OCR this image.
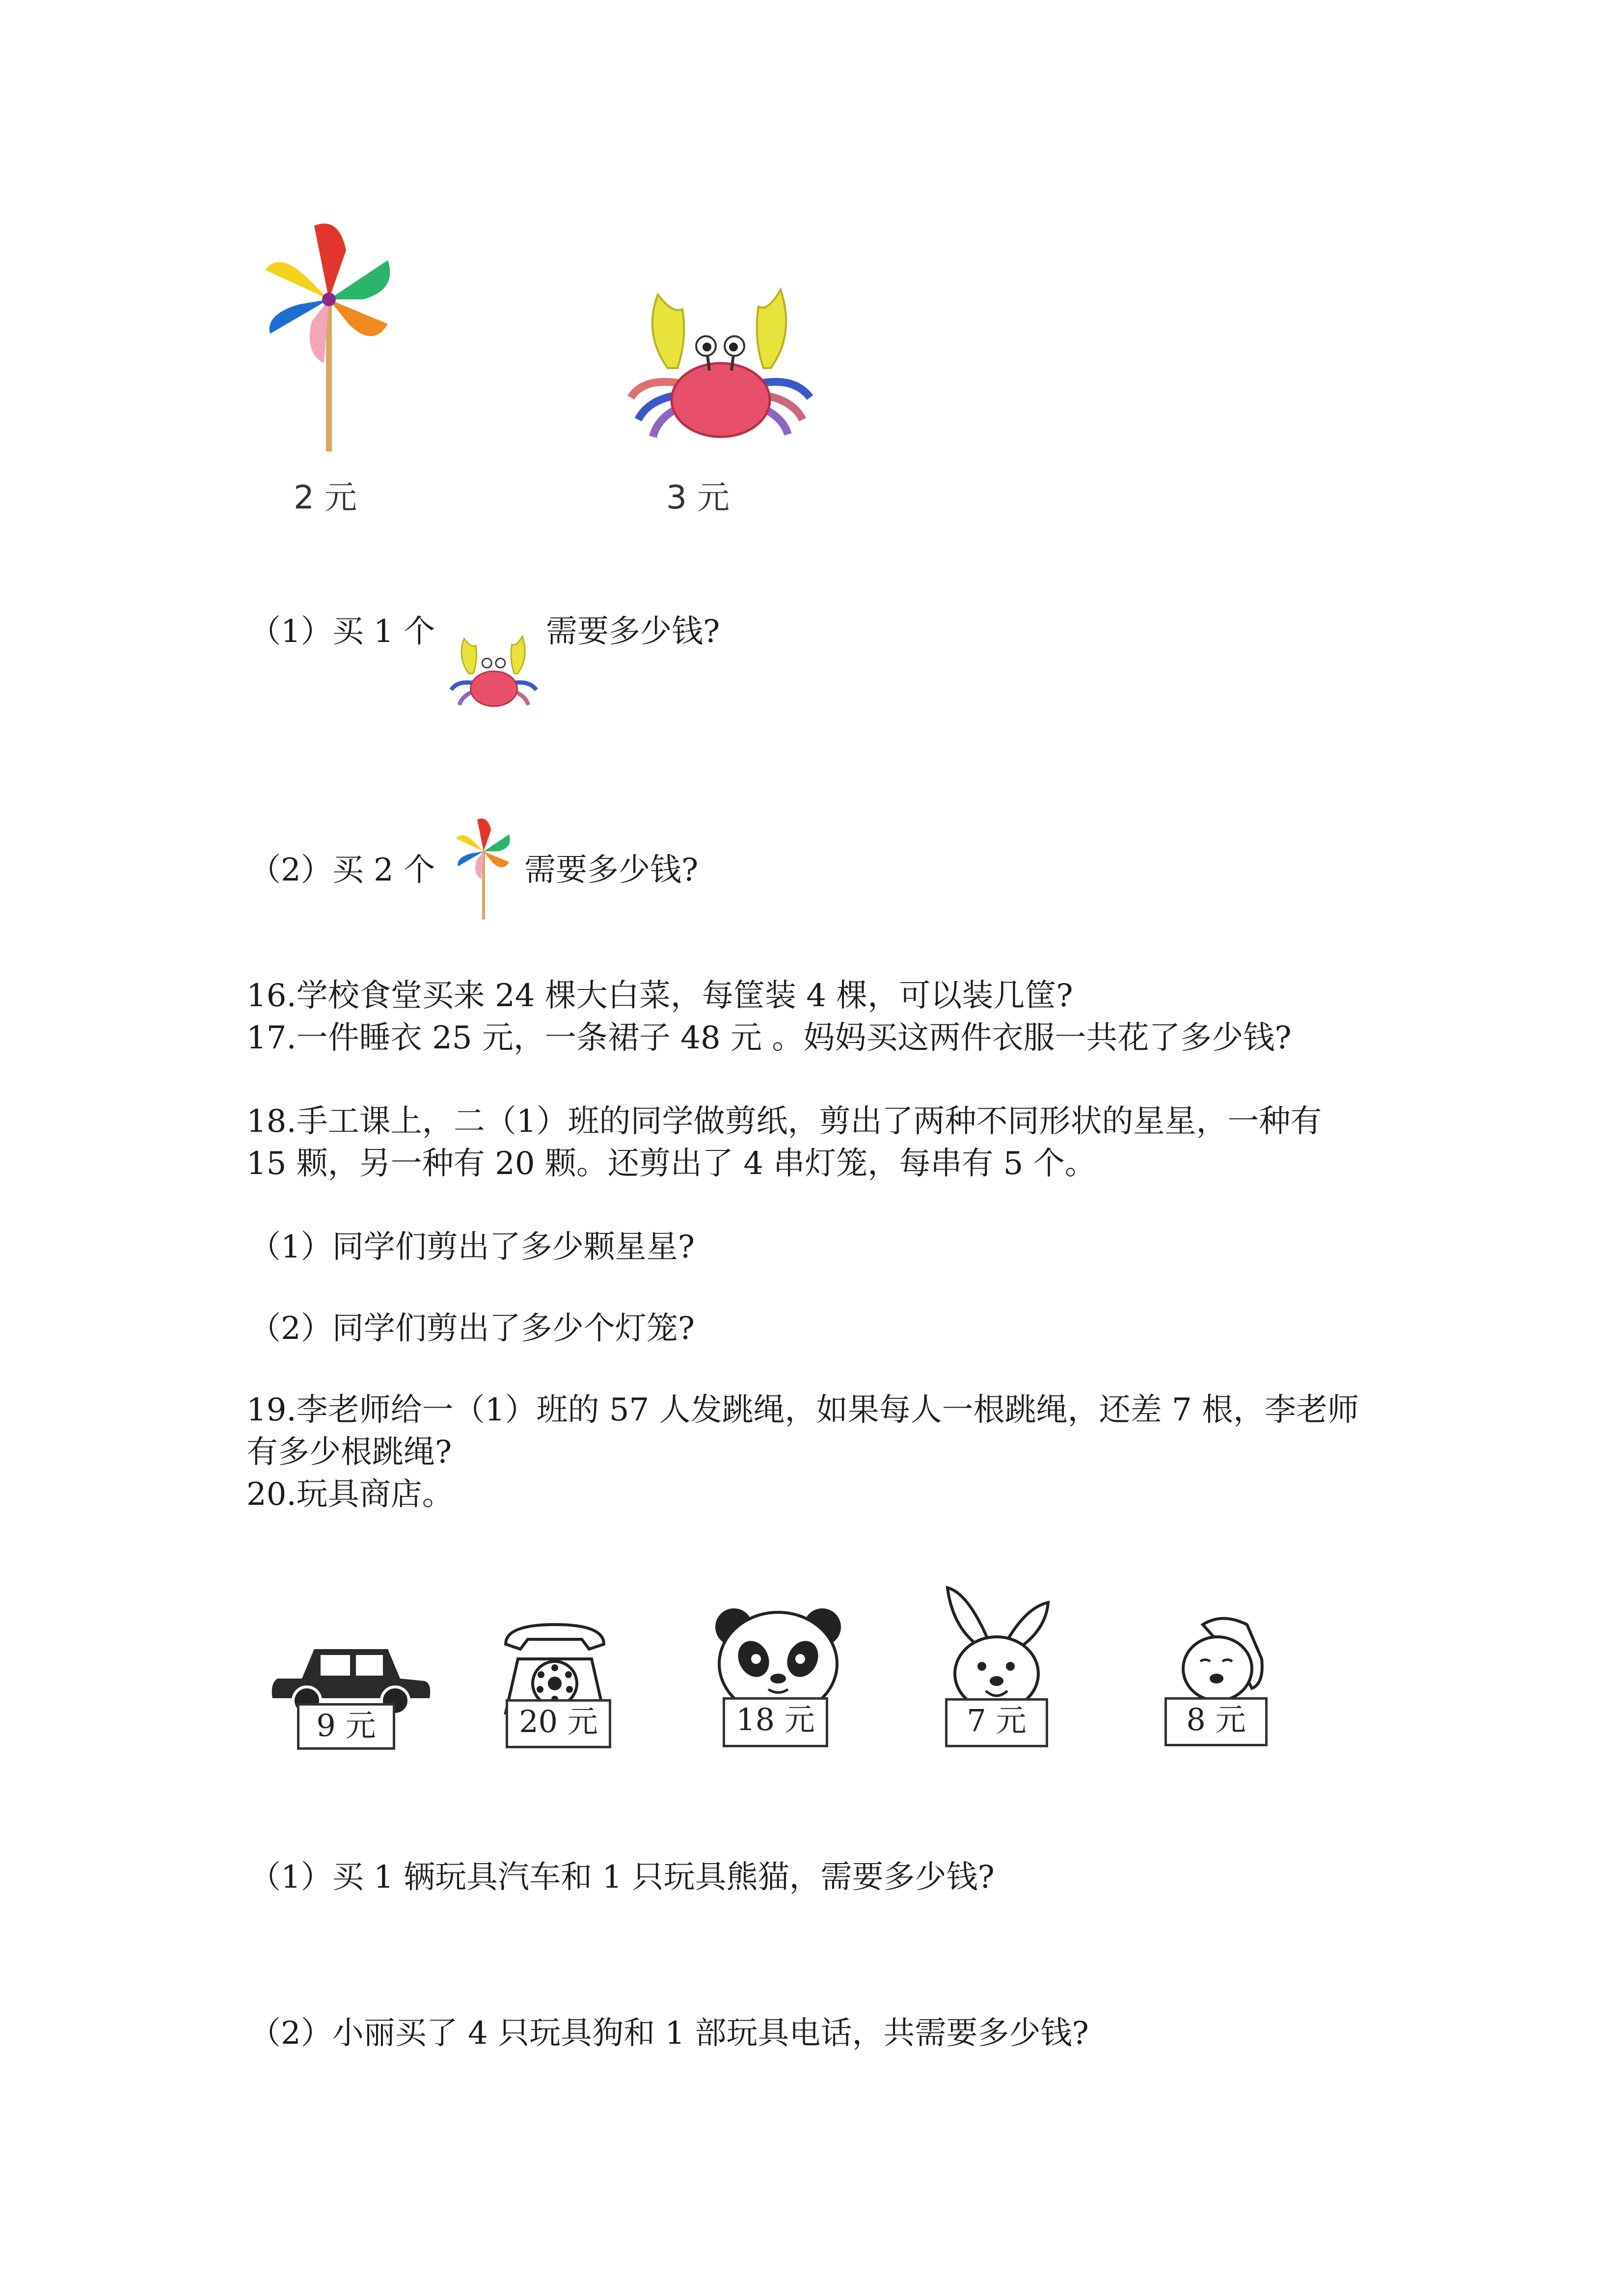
2 元	3 元
（1）买 1 个	需要多少钱?
（2）买 2 个	需要多少钱?
16.学校食堂买来 24 棵大白菜，每筐装 4 棵，可以装几筐?
17.一件睡衣 25 元，一条裙子 48 元 。妈妈买这两件衣服一共花了多少钱?
18.手工课上，二（1）班的同学做剪纸，剪出了两种不同形状的星星，一种有
15 颗，另一种有 20 颗。还剪出了 4 串灯笼，每串有 5 个。
（1）同学们剪出了多少颗星星?
（2）同学们剪出了多少个灯笼?
19.李老师给一（1）班的 57 人发跳绳，如果每人一根跳绳，还差 7 根，李老师
有多少根跳绳?
20.玩具商店。
9 元	20 元	18 元	7 元	8 元
（1）买 1 辆玩具汽车和 1 只玩具熊猫，需要多少钱?
（2）小丽买了 4 只玩具狗和 1 部玩具电话，共需要多少钱?
